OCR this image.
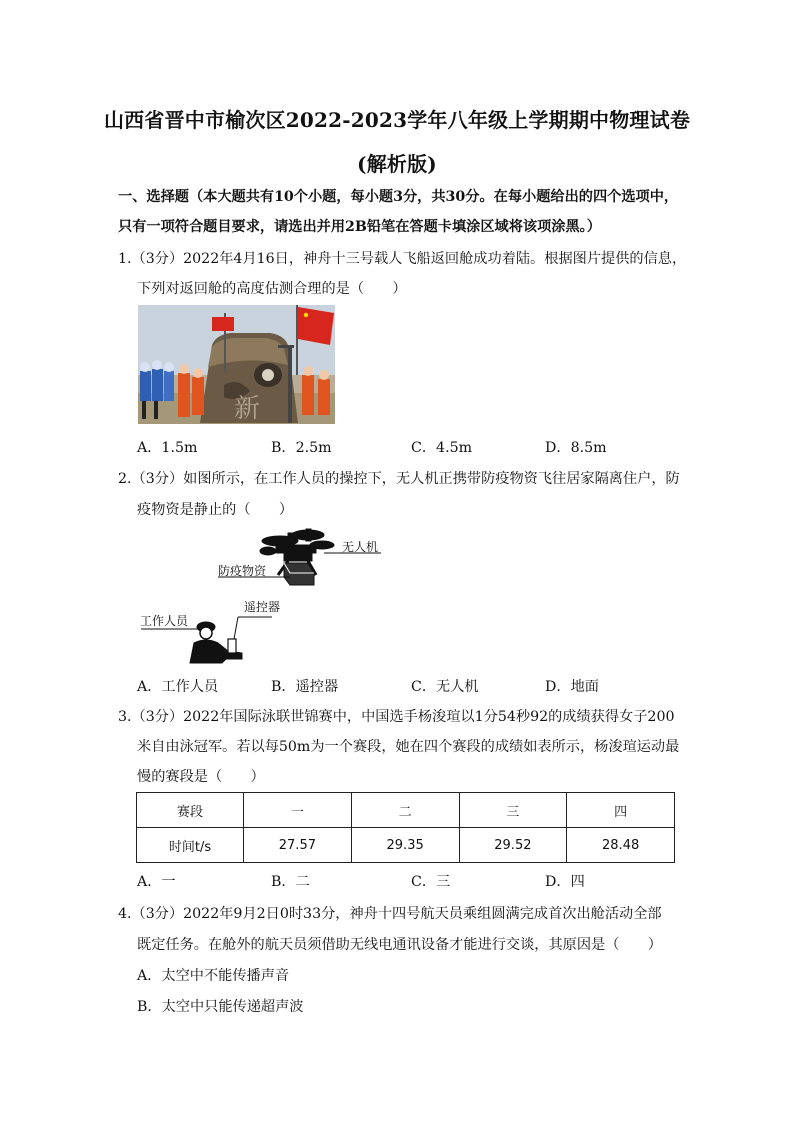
山西省晋中市榆次区2022-2023学年八年级上学期期中物理试卷
(解析版)
一、选择题（本大题共有10个小题，每小题3分，共30分。在每小题给出的四个选项中，
只有一项符合题目要求，请选出并用2B铅笔在答题卡填涂区域将该项涂黑。）
1.（3分）2022年4月16日，神舟十三号载人飞船返回舱成功着陆。根据图片提供的信息，
下列对返回舱的高度估测合理的是（　　）
新
A．1.5m	B．2.5m	C．4.5m	D．8.5m
2.（3分）如图所示，在工作人员的操控下，无人机正携带防疫物资飞往居家隔离住户，防
疫物资是静止的（　　）
无人机
防疫物资
遥控器
工作人员
A．工作人员	B．遥控器	C．无人机	D．地面
3.（3分）2022年国际泳联世锦赛中，中国选手杨浚瑄以1分54秒92的成绩获得女子200
米自由泳冠军。若以每50m为一个赛段，她在四个赛段的成绩如表所示，杨浚瑄运动最
慢的赛段是（　　）
赛段	一	二	三	四
时间t/s	27.57	29.35	29.52	28.48
A．一	B．二	C．三	D．四
4.（3分）2022年9月2日0时33分，神舟十四号航天员乘组圆满完成首次出舱活动全部
既定任务。在舱外的航天员须借助无线电通讯设备才能进行交谈，其原因是（　　）
A．太空中不能传播声音
B．太空中只能传递超声波
